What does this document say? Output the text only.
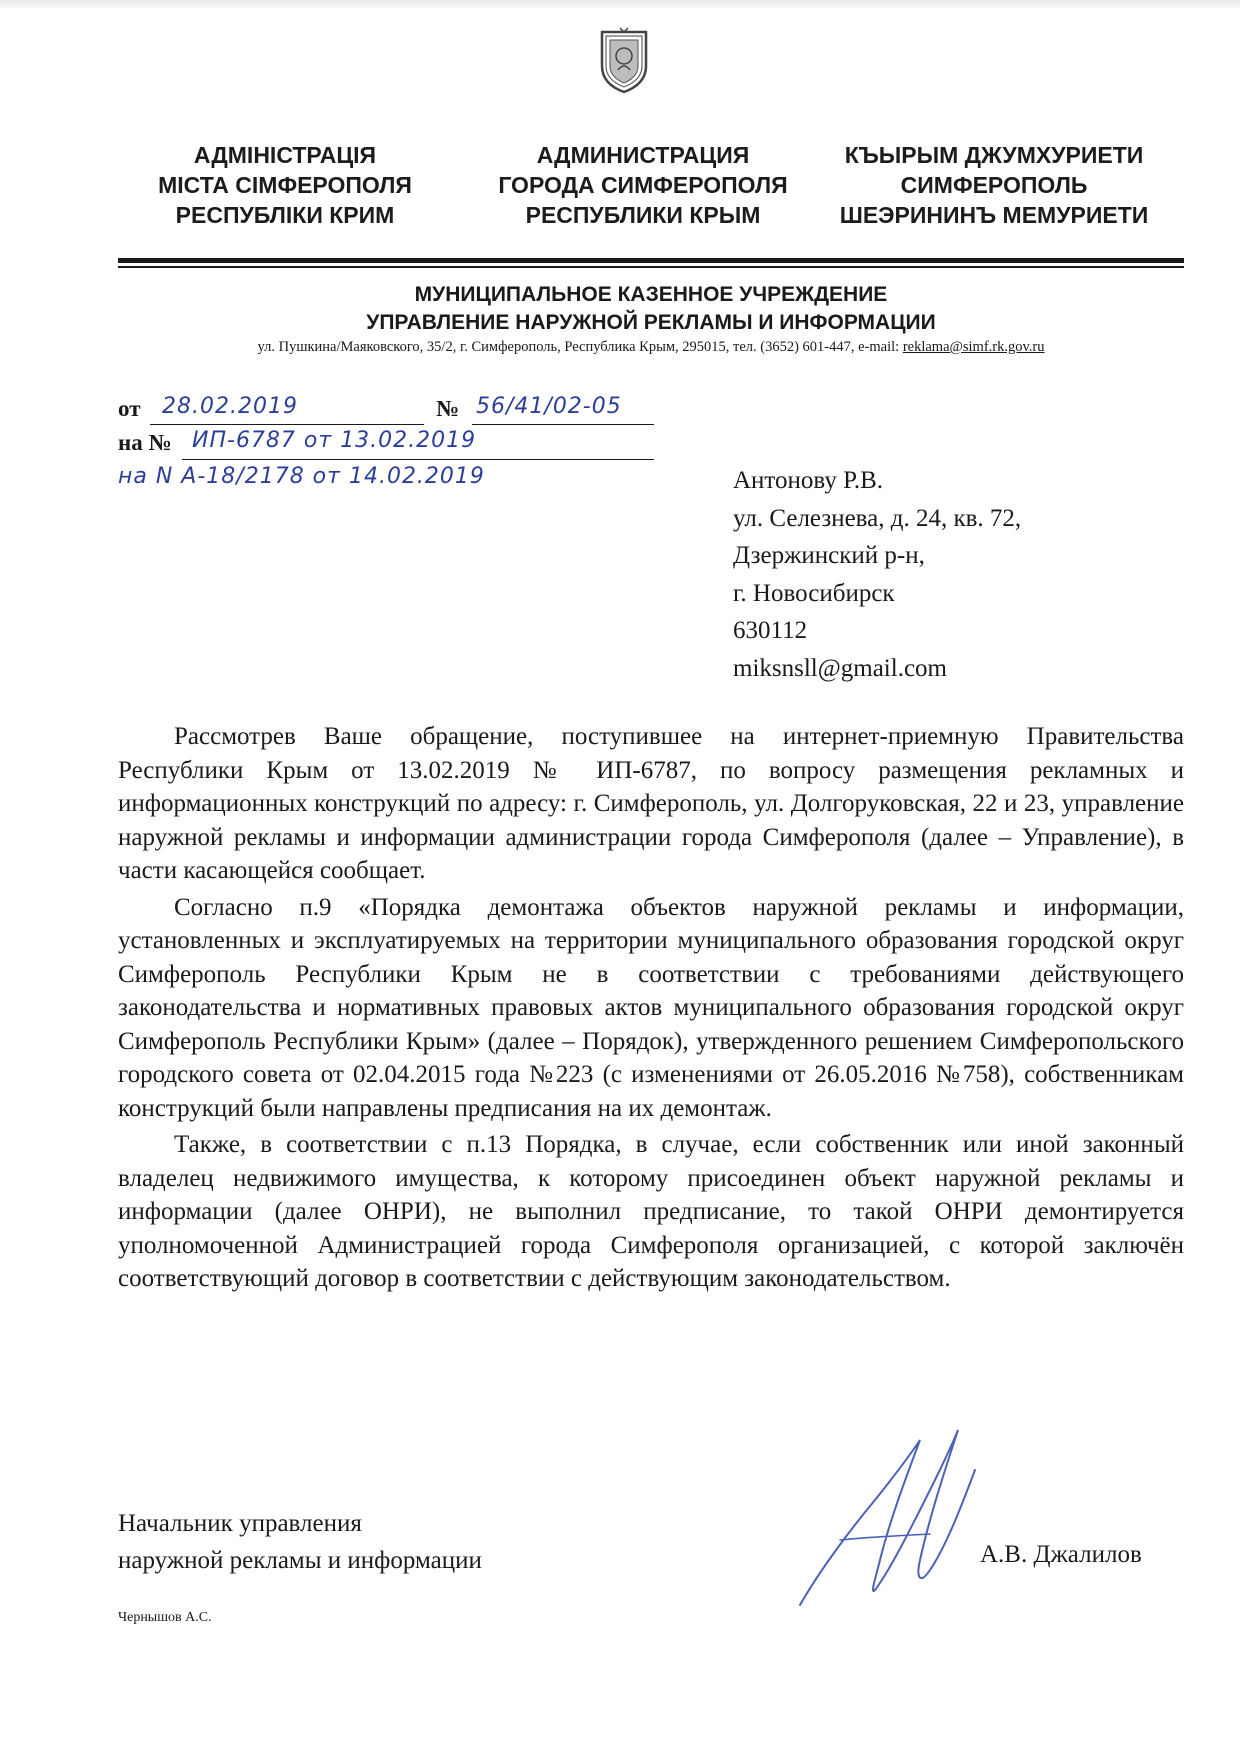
АДМІНІСТРАЦІЯ
МІСТА СІМФЕРОПОЛЯ
РЕСПУБЛІКИ КРИМ
АДМИНИСТРАЦИЯ
ГОРОДА СИМФЕРОПОЛЯ
РЕСПУБЛИКИ КРЫМ
КЪЫРЫМ ДЖУМХУРИЕТИ
СИМФЕРОПОЛЬ
ШЕЭРИНИНЪ МЕМУРИЕТИ
МУНИЦИПАЛЬНОЕ КАЗЕННОЕ УЧРЕЖДЕНИЕ
УПРАВЛЕНИЕ НАРУЖНОЙ РЕКЛАМЫ И ИНФОРМАЦИИ
ул. Пушкина/Маяковского, 35/2, г. Симферополь, Республика Крым, 295015, тел. (3652) 601-447, e-mail: reklama@simf.rk.gov.ru
от 28.02.2019	№ 56/41/02-05
на № ИП-6787 от 13.02.2019
на N А-18/2178 от 14.02.2019	Антонову Р.В.
ул. Селезнева, д. 24, кв. 72,
Дзержинский р-н,
г. Новосибирск
630112
miksnsll@gmail.com

Рассмотрев Ваше обращение, поступившее на интернет-приемную Правительства Республики Крым от 13.02.2019 № ИП-6787, по вопросу размещения рекламных и информационных конструкций по адресу: г. Симферополь, ул. Долгоруковская, 22 и 23, управление наружной рекламы и информации администрации города Симферополя (далее – Управление), в части касающейся сообщает.

Согласно п.9 «Порядка демонтажа объектов наружной рекламы и информации, установленных и эксплуатируемых на территории муниципального образования городской округ Симферополь Республики Крым не в соответствии с требованиями действующего законодательства и нормативных правовых актов муниципального образования городской округ Симферополь Республики Крым» (далее – Порядок), утвержденного решением Симферопольского городского совета от 02.04.2015 года №223 (с изменениями от 26.05.2016 №758), собственникам конструкций были направлены предписания на их демонтаж.

Также, в соответствии с п.13 Порядка, в случае, если собственник или иной законный владелец недвижимого имущества, к которому присоединен объект наружной рекламы и информации (далее ОНРИ), не выполнил предписание, то такой ОНРИ демонтируется уполномоченной Администрацией города Симферополя организацией, с которой заключён соответствующий договор в соответствии с действующим законодательством.

Начальник управления
наружной рекламы и информации	А.В. Джалилов
Чернышов А.С.
